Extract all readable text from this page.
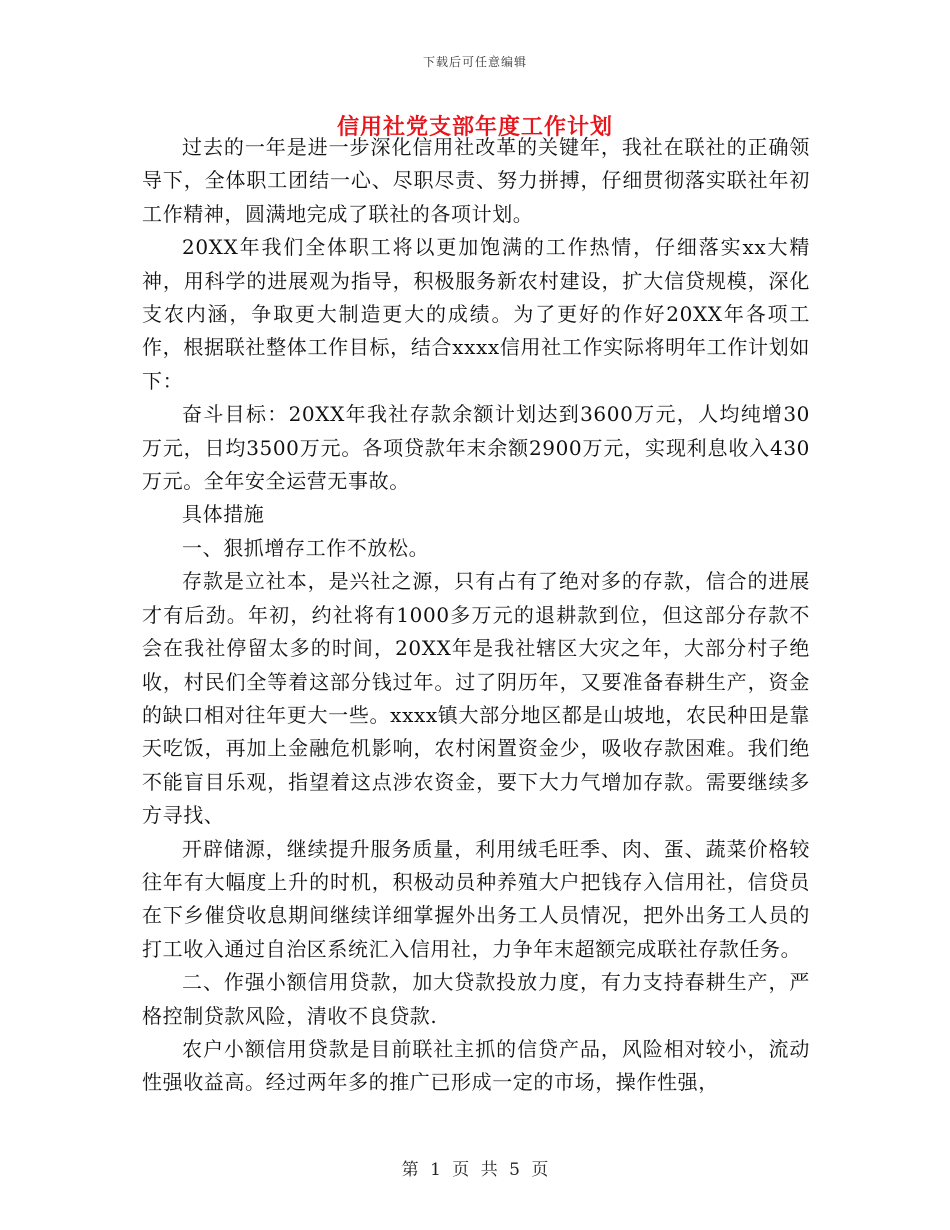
下载后可任意编辑
信用社党支部年度工作计划

过去的一年是进一步深化信用社改革的关键年，我社在联社的正确领导下，全体职工团结一心、尽职尽责、努力拼搏，仔细贯彻落实联社年初工作精神，圆满地完成了联社的各项计划。

20XX年我们全体职工将以更加饱满的工作热情，仔细落实xx大精神，用科学的进展观为指导，积极服务新农村建设，扩大信贷规模，深化支农内涵，争取更大制造更大的成绩。为了更好的作好20XX年各项工作，根据联社整体工作目标，结合xxxx信用社工作实际将明年工作计划如下：

奋斗目标：20XX年我社存款余额计划达到3600万元，人均纯增30万元，日均3500万元。各项贷款年末余额2900万元，实现利息收入430万元。全年安全运营无事故。

具体措施

一、狠抓增存工作不放松。

存款是立社本，是兴社之源，只有占有了绝对多的存款，信合的进展才有后劲。年初，约社将有1000多万元的退耕款到位，但这部分存款不会在我社停留太多的时间，20XX年是我社辖区大灾之年，大部分村子绝收，村民们全等着这部分钱过年。过了阴历年，又要准备春耕生产，资金的缺口相对往年更大一些。xxxx镇大部分地区都是山坡地，农民种田是靠天吃饭，再加上金融危机影响，农村闲置资金少，吸收存款困难。我们绝不能盲目乐观，指望着这点涉农资金，要下大力气增加存款。需要继续多方寻找、

开辟储源，继续提升服务质量，利用绒毛旺季、肉、蛋、蔬菜价格较往年有大幅度上升的时机，积极动员种养殖大户把钱存入信用社，信贷员在下乡催贷收息期间继续详细掌握外出务工人员情况，把外出务工人员的打工收入通过自治区系统汇入信用社，力争年末超额完成联社存款任务。

二、作强小额信用贷款，加大贷款投放力度，有力支持春耕生产，严格控制贷款风险，清收不良贷款.

农户小额信用贷款是目前联社主抓的信贷产品，风险相对较小，流动性强收益高。经过两年多的推广已形成一定的市场，操作性强，

第 1 页 共 5 页
